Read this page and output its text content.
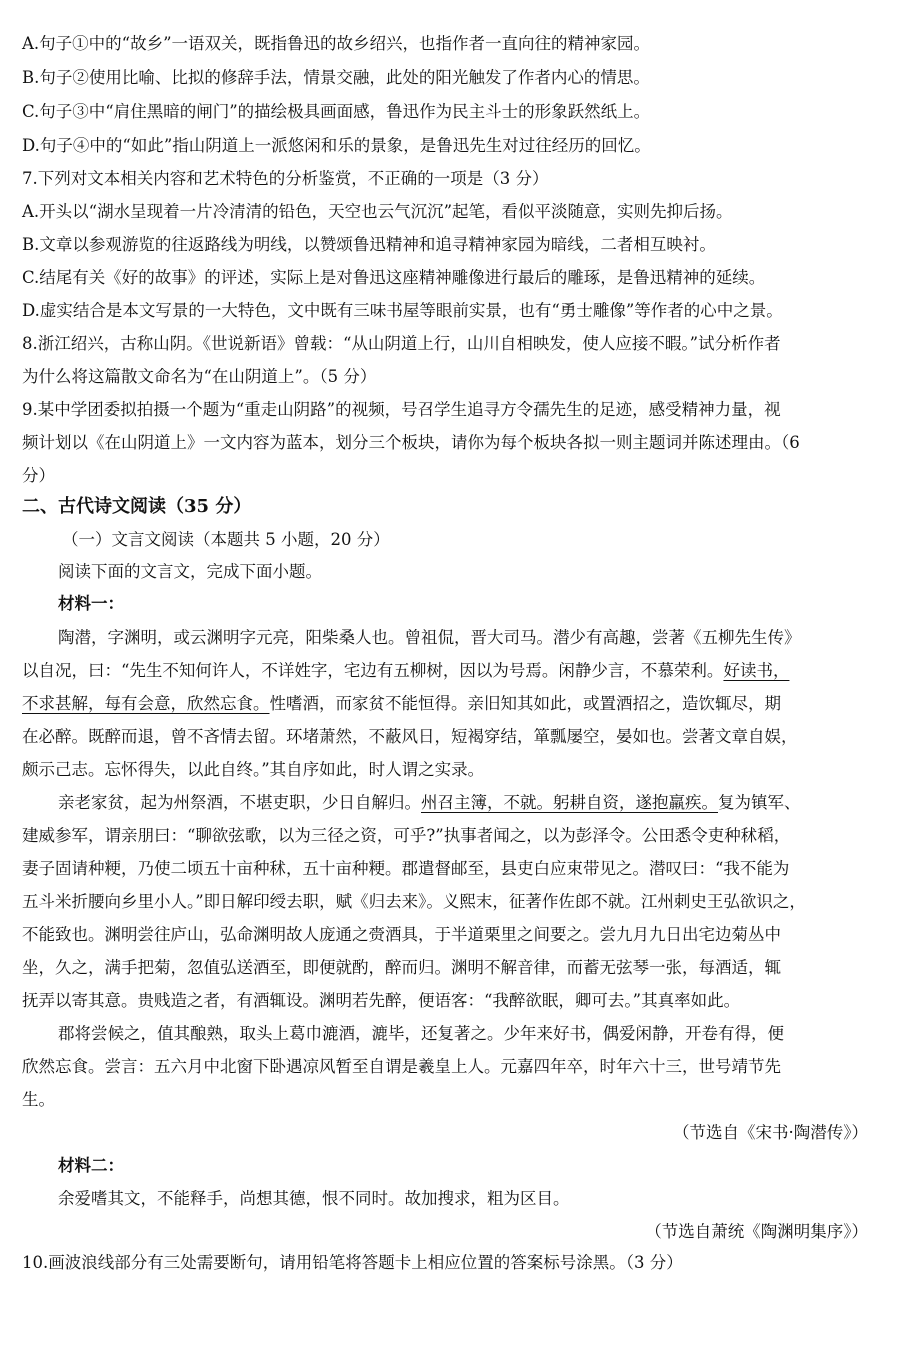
A.句子①中的“故乡”一语双关，既指鲁迅的故乡绍兴，也指作者一直向往的精神家园。
B.句子②使用比喻、比拟的修辞手法，情景交融，此处的阳光触发了作者内心的情思。
C.句子③中“肩住黑暗的闸门”的描绘极具画面感，鲁迅作为民主斗士的形象跃然纸上。
D.句子④中的“如此”指山阴道上一派悠闲和乐的景象，是鲁迅先生对过往经历的回忆。
7.下列对文本相关内容和艺术特色的分析鉴赏，不正确的一项是（3 分）
A.开头以“湖水呈现着一片冷清清的铅色，天空也云气沉沉”起笔，看似平淡随意，实则先抑后扬。
B.文章以参观游览的往返路线为明线，以赞颂鲁迅精神和追寻精神家园为暗线，二者相互映衬。
C.结尾有关《好的故事》的评述，实际上是对鲁迅这座精神雕像进行最后的雕琢，是鲁迅精神的延续。
D.虚实结合是本文写景的一大特色，文中既有三味书屋等眼前实景，也有“勇士雕像”等作者的心中之景。
8.浙江绍兴，古称山阴。《世说新语》曾载：“从山阴道上行，山川自相映发，使人应接不暇。”试分析作者
为什么将这篇散文命名为“在山阴道上”。（5 分）
9.某中学团委拟拍摄一个题为“重走山阴路”的视频，号召学生追寻方令孺先生的足迹，感受精神力量，视
频计划以《在山阴道上》一文内容为蓝本，划分三个板块，请你为每个板块各拟一则主题词并陈述理由。（6
分）
二、古代诗文阅读（35 分）
（一）文言文阅读（本题共 5 小题，20 分）
阅读下面的文言文，完成下面小题。
材料一：
陶潜，字渊明，或云渊明字元亮，阳柴桑人也。曾祖侃，晋大司马。潜少有高趣，尝著《五柳先生传》
以自况，曰：“先生不知何许人，不详姓字，宅边有五柳树，因以为号焉。闲静少言，不慕荣利。好读书，
不求甚解，每有会意，欣然忘食。性嗜酒，而家贫不能恒得。亲旧知其如此，或置酒招之，造饮辄尽，期
在必醉。既醉而退，曾不吝情去留。环堵萧然，不蔽风日，短褐穿结，箪瓢屡空，晏如也。尝著文章自娱，
颇示己志。忘怀得失，以此自终。”其自序如此，时人谓之实录。
亲老家贫，起为州祭酒，不堪吏职，少日自解归。州召主簿，不就。躬耕自资，遂抱羸疾。复为镇军、
建威参军，谓亲朋曰：“聊欲弦歌，以为三径之资，可乎?”执事者闻之，以为彭泽令。公田悉令吏种秫稻，
妻子固请种粳，乃使二顷五十亩种秫，五十亩种粳。郡遣督邮至，县吏白应束带见之。潜叹曰：“我不能为
五斗米折腰向乡里小人。”即日解印绶去职，赋《归去来》。义熙末，征著作佐郎不就。江州刺史王弘欲识之，
不能致也。渊明尝往庐山，弘命渊明故人庞通之赍酒具，于半道栗里之间要之。尝九月九日出宅边菊丛中
坐，久之，满手把菊，忽值弘送酒至，即便就酌，醉而归。渊明不解音律，而蓄无弦琴一张，每酒适，辄
抚弄以寄其意。贵贱造之者，有酒辄设。渊明若先醉，便语客：“我醉欲眠，卿可去。”其真率如此。
郡将尝候之，值其酿熟，取头上葛巾漉酒，漉毕，还复著之。少年来好书，偶爱闲静，开卷有得，便
欣然忘食。尝言：五六月中北窗下卧遇凉风暂至自谓是羲皇上人。元嘉四年卒，时年六十三，世号靖节先
生。
（节选自《宋书·陶潜传》）
材料二：
余爱嗜其文，不能释手，尚想其德，恨不同时。故加搜求，粗为区目。
（节选自萧统《陶渊明集序》）
10.画波浪线部分有三处需要断句，请用铅笔将答题卡上相应位置的答案标号涂黑。（3 分）
